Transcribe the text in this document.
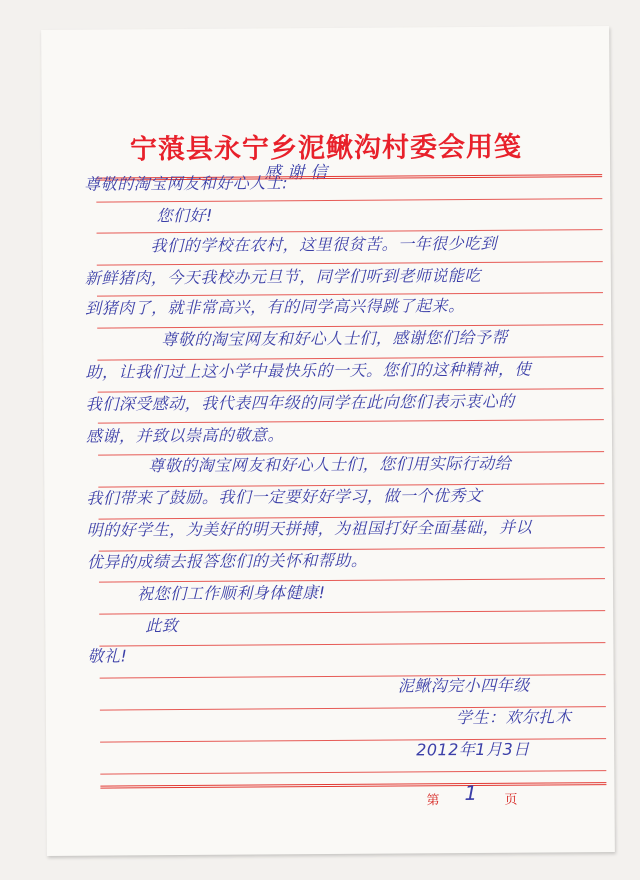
宁蒗县永宁乡泥鳅沟村委会用笺
感谢信
尊敬的淘宝网友和好心人士:
您们好!
我们的学校在农村，这里很贫苦。一年很少吃到
新鲜猪肉，今天我校办元旦节，同学们听到老师说能吃
到猪肉了，就非常高兴，有的同学高兴得跳了起来。
尊敬的淘宝网友和好心人士们，感谢您们给予帮
助，让我们过上这小学中最快乐的一天。您们的这种精神，使
我们深受感动，我代表四年级的同学在此向您们表示衷心的
感谢，并致以崇高的敬意。
尊敬的淘宝网友和好心人士们，您们用实际行动给
我们带来了鼓励。我们一定要好好学习，做一个优秀文
明的好学生，为美好的明天拼搏，为祖国打好全面基础，并以
优异的成绩去报答您们的关怀和帮助。
祝您们工作顺利身体健康!
此致
敬礼!
泥鳅沟完小四年级
学生：欢尔扎木
2012年1月3日
第 1 页
